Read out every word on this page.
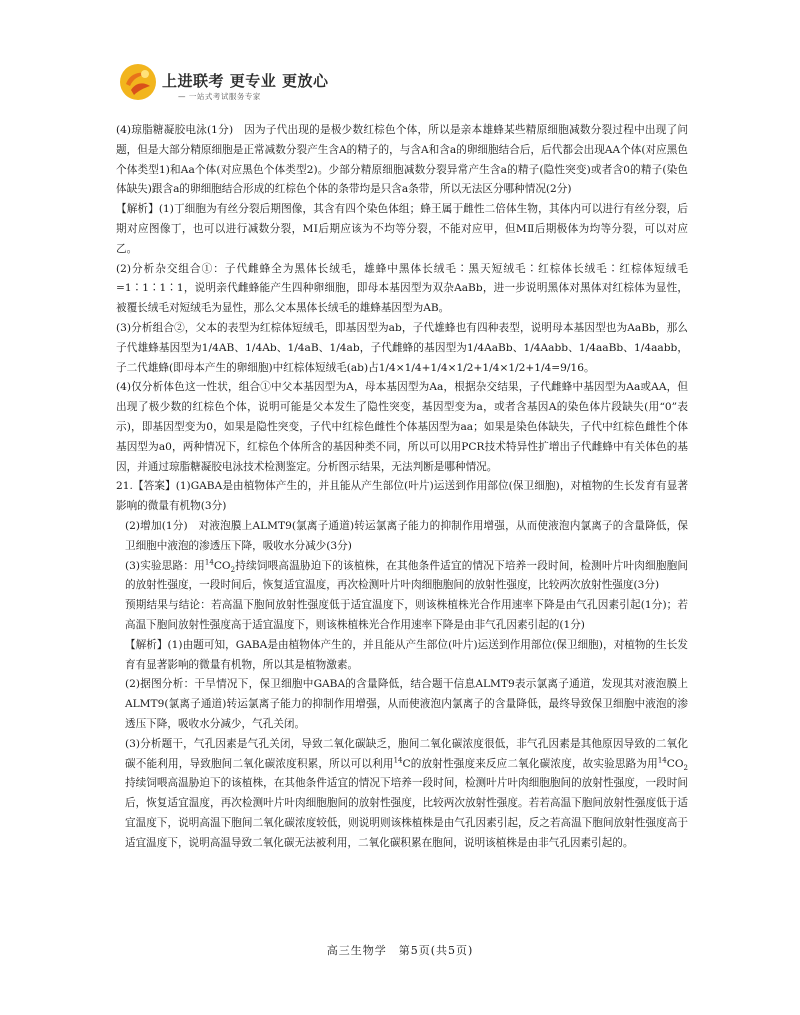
上进联考 更专业 更放心
— 一站式考试服务专家

(4)琼脂糖凝胶电泳(1分)　因为子代出现的是极少数红棕色个体，所以是亲本雄蜂某些精原细胞减数分裂过程中出现了问题，但是大部分精原细胞是正常减数分裂产生含A的精子的，与含A和含a的卵细胞结合后，后代都会出现AA个体(对应黑色个体类型1)和Aa个体(对应黑色个体类型2)。少部分精原细胞减数分裂异常产生含a的精子(隐性突变)或者含0的精子(染色体缺失)跟含a的卵细胞结合形成的红棕色个体的条带均是只含a条带，所以无法区分哪种情况(2分)

【解析】(1)丁细胞为有丝分裂后期图像，其含有四个染色体组；蜂王属于雌性二倍体生物，其体内可以进行有丝分裂，后期对应图像丁，也可以进行减数分裂，MⅠ后期应该为不均等分裂，不能对应甲，但MⅡ后期极体为均等分裂，可以对应乙。

(2)分析杂交组合①：子代雌蜂全为黑体长绒毛，雄蜂中黑体长绒毛∶黑天短绒毛∶红棕体长绒毛∶红棕体短绒毛=1∶1∶1∶1，说明亲代雌蜂能产生四种卵细胞，即母本基因型为双杂AaBb，进一步说明黑体对黑体对红棕体为显性，被覆长绒毛对短绒毛为显性，那么父本黑体长绒毛的雄蜂基因型为AB。

(3)分析组合②，父本的表型为红棕体短绒毛，即基因型为ab，子代雄蜂也有四种表型，说明母本基因型也为AaBb，那么子代雄蜂基因型为1/4AB、1/4Ab、1/4aB、1/4ab，子代雌蜂的基因型为1/4AaBb、1/4Aabb、1/4aaBb、1/4aabb，子二代雄蜂(即母本产生的卵细胞)中红棕体短绒毛(ab)占1/4×1/4+1/4×1/2+1/4×1/2+1/4=9/16。

(4)仅分析体色这一性状，组合①中父本基因型为A，母本基因型为Aa，根据杂交结果，子代雌蜂中基因型为Aa或AA，但出现了极少数的红棕色个体，说明可能是父本发生了隐性突变，基因型变为a，或者含基因A的染色体片段缺失(用“0”表示)，即基因型变为0，如果是隐性突变，子代中红棕色雌性个体基因型为aa；如果是染色体缺失，子代中红棕色雌性个体基因型为a0，两种情况下，红棕色个体所含的基因种类不同，所以可以用PCR技术特异性扩增出子代雌蜂中有关体色的基因，并通过琼脂糖凝胶电泳技术检测鉴定。分析图示结果，无法判断是哪种情况。

21.【答案】(1)GABA是由植物体产生的，并且能从产生部位(叶片)运送到作用部位(保卫细胞)，对植物的生长发育有显著影响的微量有机物(3分)

(2)增加(1分)　对液泡膜上ALMT9(氯离子通道)转运氯离子能力的抑制作用增强，从而使液泡内氯离子的含量降低，保卫细胞中液泡的渗透压下降，吸收水分减少(3分)

(3)实验思路：用$^{14}CO_2$持续饲喂高温胁迫下的该植株，在其他条件适宜的情况下培养一段时间，检测叶片叶肉细胞胞间的放射性强度，一段时间后，恢复适宜温度，再次检测叶片叶肉细胞胞间的放射性强度，比较两次放射性强度(3分)

预期结果与结论：若高温下胞间放射性强度低于适宜温度下，则该株植株光合作用速率下降是由气孔因素引起(1分)；若高温下胞间放射性强度高于适宜温度下，则该株植株光合作用速率下降是由非气孔因素引起的(1分)

【解析】(1)由题可知，GABA是由植物体产生的，并且能从产生部位(叶片)运送到作用部位(保卫细胞)，对植物的生长发育有显著影响的微量有机物，所以其是植物激素。

(2)据图分析：干旱情况下，保卫细胞中GABA的含量降低，结合题干信息ALMT9表示氯离子通道，发现其对液泡膜上ALMT9(氯离子通道)转运氯离子能力的抑制作用增强，从而使液泡内氯离子的含量降低，最终导致保卫细胞中液泡的渗透压下降，吸收水分减少，气孔关闭。

(3)分析题干，气孔因素是气孔关闭，导致二氧化碳缺乏，胞间二氧化碳浓度很低，非气孔因素是其他原因导致的二氧化碳不能利用，导致胞间二氧化碳浓度积累，所以可以利用$^{14}$C的放射性强度来反应二氧化碳浓度，故实验思路为用$^{14}CO_2$持续饲喂高温胁迫下的该植株，在其他条件适宜的情况下培养一段时间，检测叶片叶肉细胞胞间的放射性强度，一段时间后，恢复适宜温度，再次检测叶片叶肉细胞胞间的放射性强度，比较两次放射性强度。若若高温下胞间放射性强度低于适宜温度下，说明高温下胞间二氧化碳浓度较低，则说明则该株植株是由气孔因素引起，反之若高温下胞间放射性强度高于适宜温度下，说明高温导致二氧化碳无法被利用，二氧化碳积累在胞间，说明该植株是由非气孔因素引起的。

高三生物学　第5页(共5页)
